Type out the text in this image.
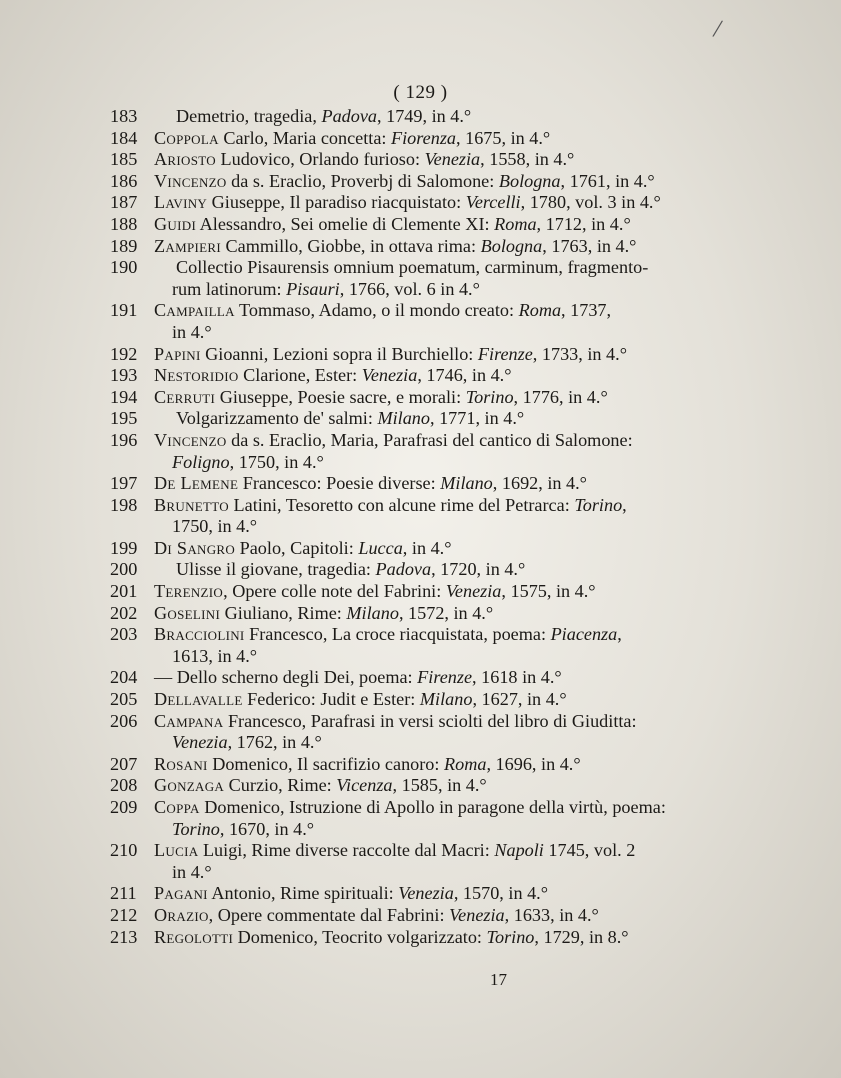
/
( 129 )
183	Demetrio, tragedia, Padova, 1749, in 4.°
184 Coppola Carlo, Maria concetta: Fiorenza, 1675, in 4.°
185 Ariosto Ludovico, Orlando furioso: Venezia, 1558, in 4.°
186 Vincenzo da s. Eraclio, Proverbj di Salomone: Bologna, 1761, in 4.°
187 Laviny Giuseppe, Il paradiso riacquistato: Vercelli, 1780, vol. 3 in 4.°
188 Guidi Alessandro, Sei omelie di Clemente XI: Roma, 1712, in 4.°
189 Zampieri Cammillo, Giobbe, in ottava rima: Bologna, 1763, in 4.°
190	Collectio Pisaurensis omnium poematum, carminum, fragmento-
rum latinorum: Pisauri, 1766, vol. 6 in 4.°
191 Campailla Tommaso, Adamo, o il mondo creato: Roma, 1737,
in 4.°
192 Papini Gioanni, Lezioni sopra il Burchiello: Firenze, 1733, in 4.°
193 Nestoridio Clarione, Ester: Venezia, 1746, in 4.°
194 Cerruti Giuseppe, Poesie sacre, e morali: Torino, 1776, in 4.°
195	Volgarizzamento de' salmi: Milano, 1771, in 4.°
196 Vincenzo da s. Eraclio, Maria, Parafrasi del cantico di Salomone:
Foligno, 1750, in 4.°
197 De Lemene Francesco: Poesie diverse: Milano, 1692, in 4.°
198 Brunetto Latini, Tesoretto con alcune rime del Petrarca: Torino,
1750, in 4.°
199 Di Sangro Paolo, Capitoli: Lucca, in 4.°
200	Ulisse il giovane, tragedia: Padova, 1720, in 4.°
201 Terenzio, Opere colle note del Fabrini: Venezia, 1575, in 4.°
202 Goselini Giuliano, Rime: Milano, 1572, in 4.°
203 Bracciolini Francesco, La croce riacquistata, poema: Piacenza,
1613, in 4.°
204 — Dello scherno degli Dei, poema: Firenze, 1618 in 4.°
205 Dellavalle Federico: Judit e Ester: Milano, 1627, in 4.°
206 Campana Francesco, Parafrasi in versi sciolti del libro di Giuditta:
Venezia, 1762, in 4.°
207 Rosani Domenico, Il sacrifizio canoro: Roma, 1696, in 4.°
208 Gonzaga Curzio, Rime: Vicenza, 1585, in 4.°
209 Coppa Domenico, Istruzione di Apollo in paragone della virtù, poema:
Torino, 1670, in 4.°
210 Lucia Luigi, Rime diverse raccolte dal Macri: Napoli 1745, vol. 2
in 4.°
211 Pagani Antonio, Rime spirituali: Venezia, 1570, in 4.°
212 Orazio, Opere commentate dal Fabrini: Venezia, 1633, in 4.°
213 Regolotti Domenico, Teocrito volgarizzato: Torino, 1729, in 8.°
17
